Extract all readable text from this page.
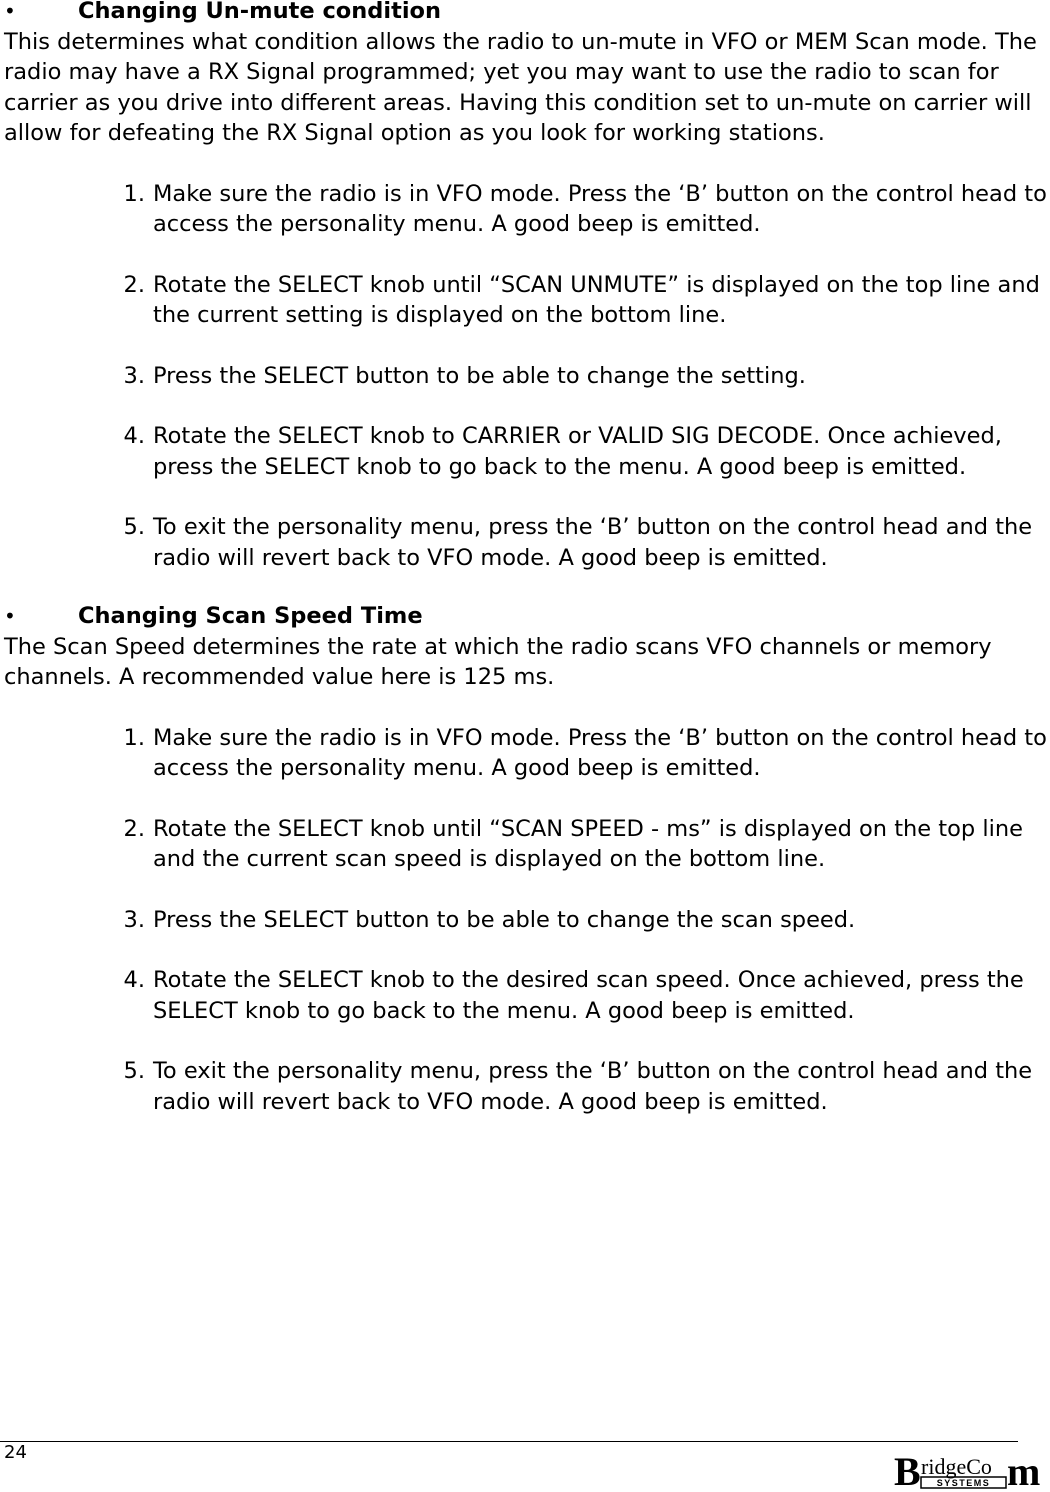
•	Changing Un-mute condition

This determines what condition allows the radio to un-mute in VFO or MEM Scan mode. The radio may have a RX Signal programmed; yet you may want to use the radio to scan for carrier as you drive into different areas. Having this condition set to un-mute on carrier will allow for defeating the RX Signal option as you look for working stations.

1. Make sure the radio is in VFO mode. Press the ‘B’ button on the control head to access the personality menu. A good beep is emitted.
2. Rotate the SELECT knob until “SCAN UNMUTE” is displayed on the top line and the current setting is displayed on the bottom line.
3. Press the SELECT button to be able to change the setting.
4. Rotate the SELECT knob to CARRIER or VALID SIG DECODE. Once achieved, press the SELECT knob to go back to the menu. A good beep is emitted.
5. To exit the personality menu, press the ‘B’ button on the control head and the radio will revert back to VFO mode. A good beep is emitted.
•	Changing Scan Speed Time

The Scan Speed determines the rate at which the radio scans VFO channels or memory channels. A recommended value here is 125 ms.

1. Make sure the radio is in VFO mode. Press the ‘B’ button on the control head to access the personality menu. A good beep is emitted.
2. Rotate the SELECT knob until “SCAN SPEED - ms” is displayed on the top line and the current scan speed is displayed on the bottom line.
3. Press the SELECT button to be able to change the scan speed.
4. Rotate the SELECT knob to the desired scan speed. Once achieved, press the SELECT knob to go back to the menu. A good beep is emitted.
5. To exit the personality menu, press the ‘B’ button on the control head and the radio will revert back to VFO mode. A good beep is emitted.
24	B ridgeCo m
SYSTEMS
